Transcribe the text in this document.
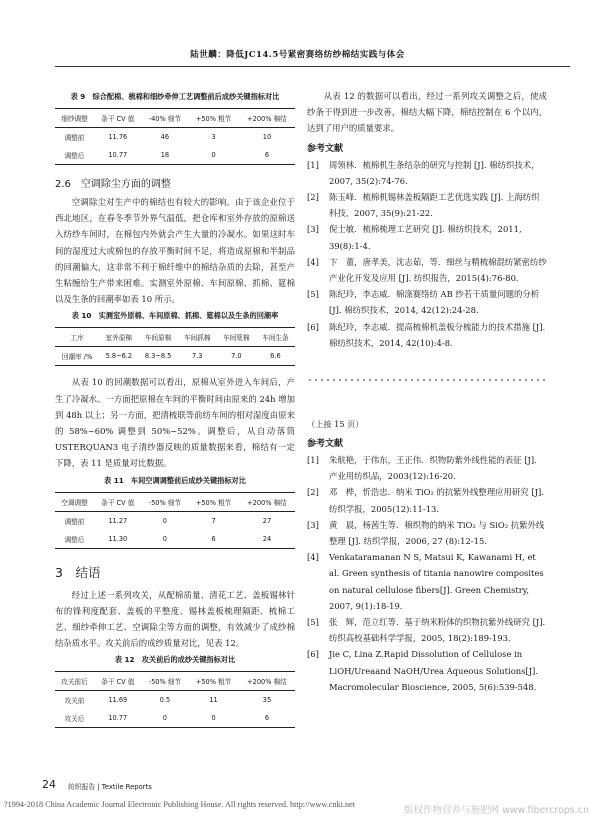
陆世麟：降低JC14.5号紧密赛络纺纱棉结实践与体会
表 9　综合配棉、梳棉和细纱牵伸工艺调整前后成纱关键指标对比
细纱调整	条干 CV 值	-40% 细节	+50% 粗节	+200% 棉结
调整前	11.76	46	3	10
调整后	10.77	18	0	6
2.6　空调除尘方面的调整

空调除尘对生产中的棉结也有较大的影响。由于该企业位于西北地区，在春冬季节外界气温低，把仓库和室外存放的原棉送入纺纱车间时，在棉包内外就会产生大量的冷凝水。如果这时车间的湿度过大或棉包的存放平衡时间不足，将造成原棉和半制品的回潮偏大，这非常不利于棉纤维中的棉结杂质的去除，甚至产生粘缠给生产带来困难。实测室外原棉、车间原棉、抓棉、筵棉以及生条的回潮率如表 10 所示。

表 10　实测室外原棉、车间原棉、抓棉、筵棉以及生条的回潮率
工序	室外原棉	车间原棉	车间抓棉	车间筵棉	车间生条
回潮率 /%	5.8~6.2	8.3~8.5	7.3	7.0	6.6

从表 10 的回潮数据可以看出，原棉从室外进入车间后，产生了冷凝水。一方面把原棉在车间的平衡时间由原来的 24h 增加到 48h 以上；另一方面，把清梳联等前纺车间的相对湿度由原来的 58%~60% 调整到 50%~52%。调整后，从自动落筒 USTERQUAN3 电子清纱器反映的质量数据来看，棉结有一定下降，表 11 是质量对比数据。

表 11　车间空调调整前后成纱关键指标对比
空调调整	条干 CV 值	-50% 细节	+50% 粗节	+200% 棉结
调整前	11.27	0	7	27
调整后	11.30	0	6	24
3　结语

经过上述一系列攻关，从配棉质量、清花工艺、盖板锡林针布的锋利度配套、盖板的平整度、锡林盖板梳理隔距、梳棉工艺、细纱牵伸工艺、空调除尘等方面的调整，有效减少了成纱棉结杂质水平。攻关前后的成纱质量对比，见表 12。

表 12　攻关前后的成纱关键指标对比
攻关前后	条干 CV 值	-50% 细节	+50% 粗节	+200% 棉结
攻关前	11.69	0.5	11	35
攻关后	10.77	0	0	6

从表 12 的数据可以看出，经过一系列攻关调整之后，使成纱条干得到进一步改善，棉结大幅下降，棉结控制在 6 个以内，达到了用户的质量要求。

参考文献
[1] 周领林．梳棉机生条结杂的研究与控制 [J]. 棉纺织技术，2007, 35(2):74-76.
[2] 陈玉峰．梳棉机锡林盖板隔距工艺优选实践 [J]. 上海纺织科技，2007, 35(9):21-22.
[3] 倪士敏．梳棉梳理工艺研究 [J]. 棉纺织技术，2011, 39(8):1-4.
[4] 卞　董，唐孝美，沈志茹，等．细丝与精梳棉混纺紧密纺纱产业化开发及应用 [J]. 纺织报告，2015(4):76-80.
[5] 陈纪玲，李志威．棉涤赛络纺 AB 纱若干质量问题的分析 [J]. 棉纺织技术，2014, 42(12):24-28.
[6] 陈纪玲，李志威．提高梳棉机盖板分梳能力的技术措施 [J]. 棉纺织技术，2014, 42(10):4-8.
（上接 15 页）
参考文献
[1] 朱航艳，于伟东，王正伟．织物防紫外线性能的表征 [J]. 产业用纺织品，2003(12):16-20.
[2] 邓　桦，忻浩忠．纳米 TiO₂ 的抗紫外线整理应用研究 [J]. 纺织学报，2005(12):11-13.
[3] 黄　晨，杨茜生等．棉织物的纳米 TiO₂ 与 SiO₂ 抗紫外线整理 [J]. 纺织学报，2006, 27 (8):12-15.
[4] Venkataramanan N S, Matsui K, Kawanami H, et al. Green synthesis of titania nanowire composites on natural cellulose fibers[J]. Green Chemistry, 2007, 9(1):18-19.
[5] 张　辉，范立红等．基于纳米粉体的织物抗紫外线研究 [J]. 纺织高校基础科学学报，2005, 18(2):189-193.
[6] Jie C, Lina Z.Rapid Dissolution of Cellulose in LiOH/Ureaand NaOH/Urea Aqueous Solutions[J]. Macromolecular Bioscience, 2005, 5(6):539-548.
24 纺织报告 | Textile Reports
?1994-2018 China Academic Journal Electronic Publishing House. All rights reserved. http://www.cnki.net
版权作物营养与施肥网 www.fibercrops.cn
